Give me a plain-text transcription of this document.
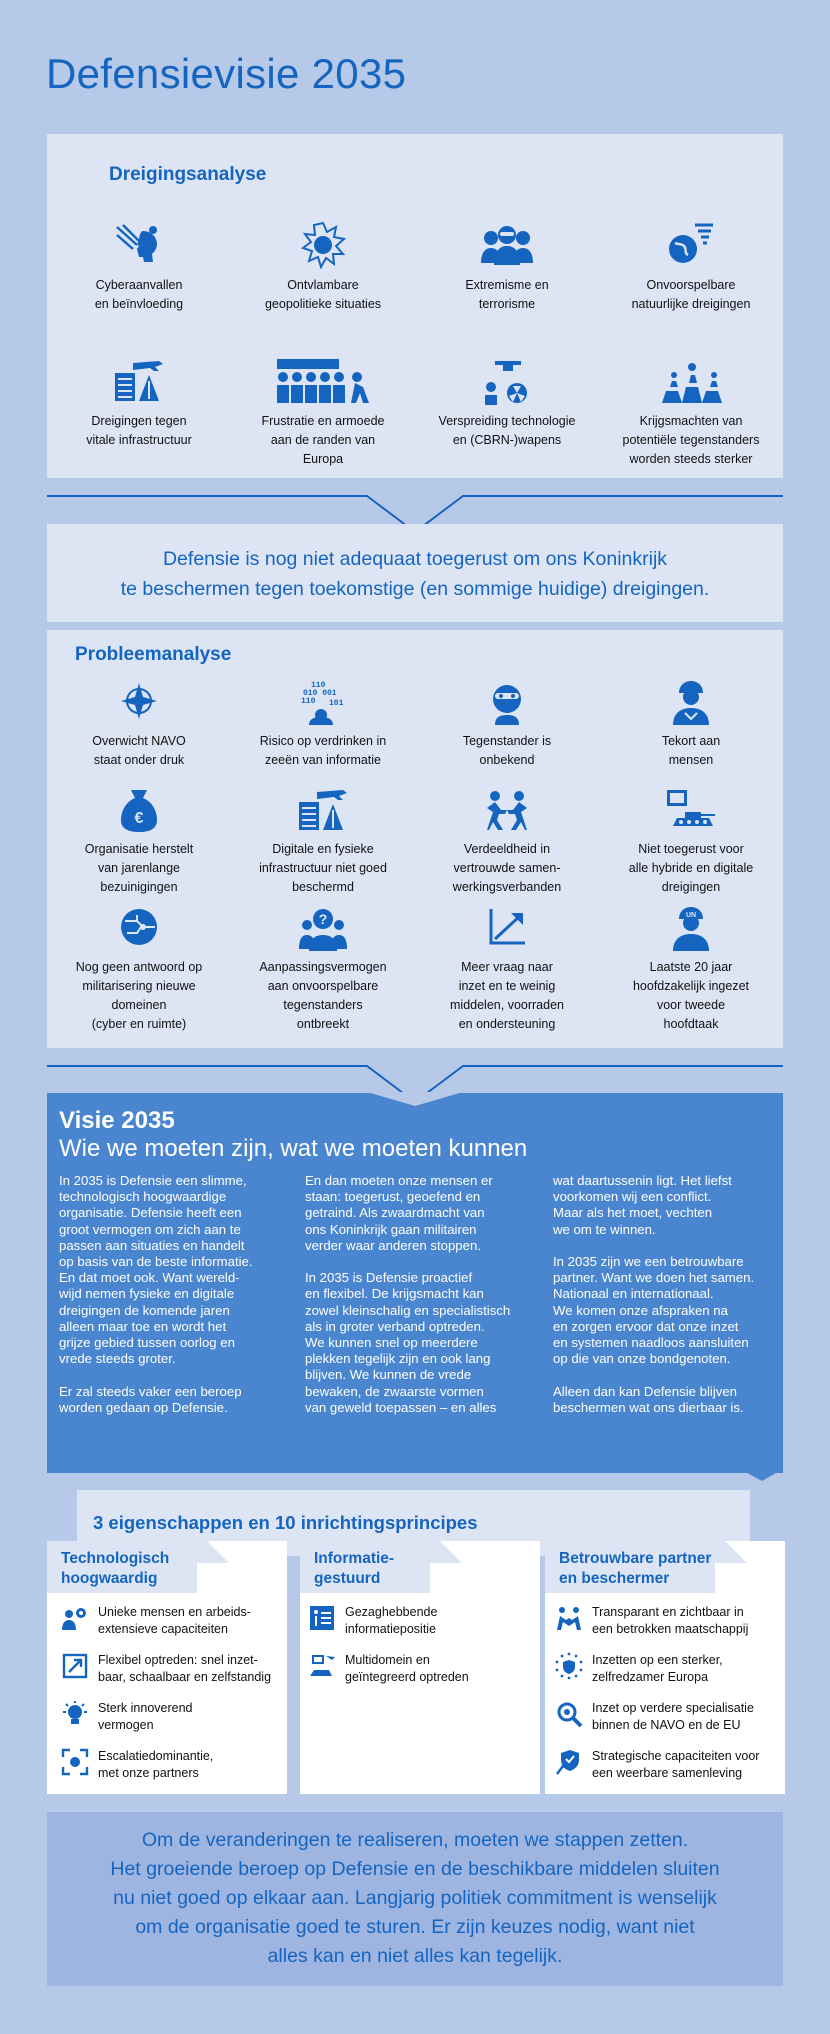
Defensievisie 2035
Dreigingsanalyse
Cyberaanvallen
en beïnvloeding
Ontvlambare
geopolitieke situaties
Extremisme en
terrorisme
Onvoorspelbare
natuurlijke dreigingen
Dreigingen tegen
vitale infrastructuur
Frustratie en armoede
aan de randen van
Europa
Verspreiding technologie
en (CBRN-)wapens
Krijgsmachten van
potentiële tegenstanders
worden steeds sterker
Defensie is nog niet adequaat toegerust om ons Koninkrijk
te beschermen tegen toekomstige (en sommige huidige) dreigingen.
Probleemanalyse
Overwicht NAVO
staat onder druk
110
010 001
110 101
Risico op verdrinken in
zeeën van informatie
Tegenstander is
onbekend
Tekort aan
mensen
€
Organisatie herstelt
van jarenlange
bezuinigingen
Digitale en fysieke
infrastructuur niet goed
beschermd
Verdeeldheid in
vertrouwde samen-
werkingsverbanden
Niet toegerust voor
alle hybride en digitale
dreigingen
Nog geen antwoord op
militarisering nieuwe
domeinen
(cyber en ruimte)
?
Aanpassingsvermogen
aan onvoorspelbare
tegenstanders
ontbreekt
Meer vraag naar
inzet en te weinig
middelen, voorraden
en ondersteuning
UN
Laatste 20 jaar
hoofdzakelijk ingezet
voor tweede
hoofdtaak
Visie 2035
Wie we moeten zijn, wat we moeten kunnen
In 2035 is Defensie een slimme,
technologisch hoogwaardige
organisatie. Defensie heeft een
groot vermogen om zich aan te
passen aan situaties en handelt
op basis van de beste informatie.
En dat moet ook. Want wereld-
wijd nemen fysieke en digitale
dreigingen de komende jaren
alleen maar toe en wordt het
grijze gebied tussen oorlog en
vrede steeds groter.

Er zal steeds vaker een beroep
worden gedaan op Defensie.
En dan moeten onze mensen er
staan: toegerust, geoefend en
getraind. Als zwaardmacht van
ons Koninkrijk gaan militairen
verder waar anderen stoppen.

In 2035 is Defensie proactief
en flexibel. De krijgsmacht kan
zowel kleinschalig en specialistisch
als in groter verband optreden.
We kunnen snel op meerdere
plekken tegelijk zijn en ook lang
blijven. We kunnen de vrede
bewaken, de zwaarste vormen
van geweld toepassen – en alles
wat daartussenin ligt. Het liefst
voorkomen wij een conflict.
Maar als het moet, vechten
we om te winnen.

In 2035 zijn we een betrouwbare
partner. Want we doen het samen.
Nationaal en internationaal.
We komen onze afspraken na
en zorgen ervoor dat onze inzet
en systemen naadloos aansluiten
op die van onze bondgenoten.

Alleen dan kan Defensie blijven
beschermen wat ons dierbaar is.
3 eigenschappen en 10 inrichtingsprincipes
Technologisch
hoogwaardig
Unieke mensen en arbeids-
extensieve capaciteiten
Flexibel optreden: snel inzet-
baar, schaalbaar en zelfstandig
Sterk innoverend
vermogen
Escalatiedominantie,
met onze partners
Informatie-
gestuurd
Gezaghebbende
informatiepositie
Multidomein en
geïntegreerd optreden
Betrouwbare partner
en beschermer
Transparant en zichtbaar in
een betrokken maatschappij
Inzetten op een sterker,
zelfredzamer Europa
Inzet op verdere specialisatie
binnen de NAVO en de EU
Strategische capaciteiten voor
een weerbare samenleving
Om de veranderingen te realiseren, moeten we stappen zetten.
Het groeiende beroep op Defensie en de beschikbare middelen sluiten
nu niet goed op elkaar aan. Langjarig politiek commitment is wenselijk
om de organisatie goed te sturen. Er zijn keuzes nodig, want niet
alles kan en niet alles kan tegelijk.
